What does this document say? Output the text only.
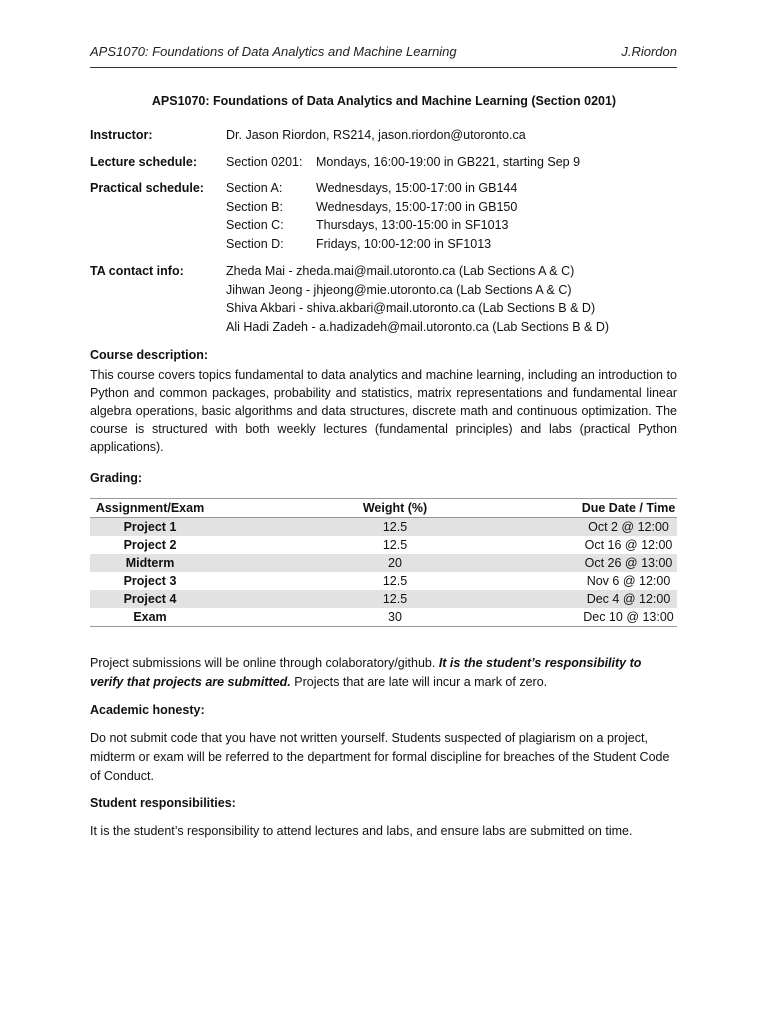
APS1070: Foundations of Data Analytics and Machine Learning	J.Riordon
APS1070: Foundations of Data Analytics and Machine Learning (Section 0201)
Instructor:	Dr. Jason Riordon, RS214, jason.riordon@utoronto.ca
Lecture schedule: Section 0201: Mondays, 16:00-19:00 in GB221, starting Sep 9
Practical schedule: Section A:	Wednesdays, 15:00-17:00 in GB144
Section B:	Wednesdays, 15:00-17:00 in GB150
Section C:	Thursdays, 13:00-15:00 in SF1013
Section D:	Fridays, 10:00-12:00 in SF1013
TA contact info:	Zheda Mai - zheda.mai@mail.utoronto.ca (Lab Sections A & C)
Jihwan Jeong - jhjeong@mie.utoronto.ca (Lab Sections A & C)
Shiva Akbari - shiva.akbari@mail.utoronto.ca (Lab Sections B & D)
Ali Hadi Zadeh - a.hadizadeh@mail.utoronto.ca (Lab Sections B & D)
Course description:
This course covers topics fundamental to data analytics and machine learning, including an introduction to Python and common packages, probability and statistics, matrix representations and fundamental linear algebra operations, basic algorithms and data structures, discrete math and continuous optimization. The course is structured with both weekly lectures (fundamental principles) and labs (practical Python applications).
Grading:
Assignment/Exam	Weight (%)	Due Date / Time
Project 1	12.5	Oct 2 @ 12:00
Project 2	12.5	Oct 16 @ 12:00
Midterm	20	Oct 26 @ 13:00
Project 3	12.5	Nov 6 @ 12:00
Project 4	12.5	Dec 4 @ 12:00
Exam	30	Dec 10 @ 13:00
Project submissions will be online through colaboratory/github. It is the student’s responsibility to verify that projects are submitted. Projects that are late will incur a mark of zero.
Academic honesty:
Do not submit code that you have not written yourself. Students suspected of plagiarism on a project, midterm or exam will be referred to the department for formal discipline for breaches of the Student Code of Conduct.
Student responsibilities:
It is the student’s responsibility to attend lectures and labs, and ensure labs are submitted on time.
